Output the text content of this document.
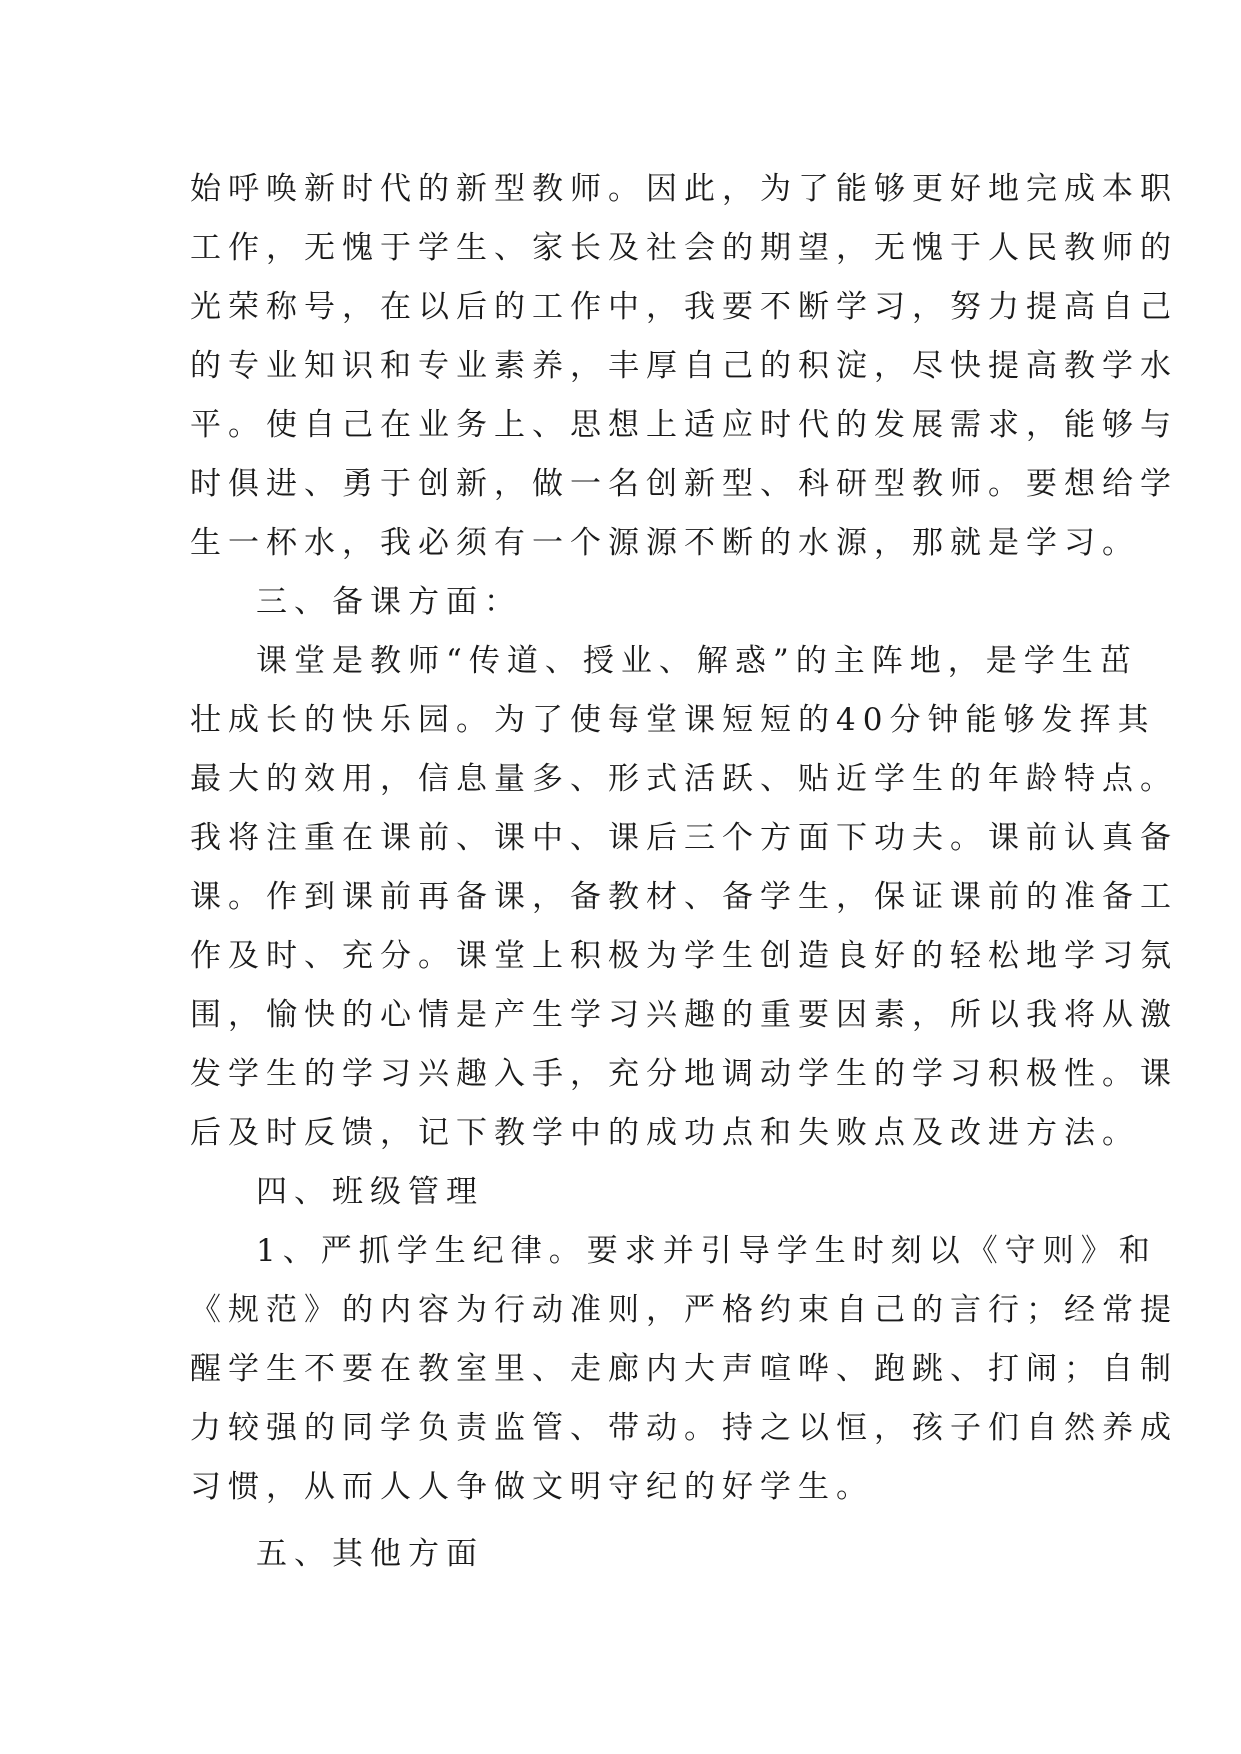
始呼唤新时代的新型教师。因此，为了能够更好地完成本职
工作，无愧于学生、家长及社会的期望，无愧于人民教师的
光荣称号，在以后的工作中，我要不断学习，努力提高自己
的专业知识和专业素养，丰厚自己的积淀，尽快提高教学水
平。使自己在业务上、思想上适应时代的发展需求，能够与
时俱进、勇于创新，做一名创新型、科研型教师。要想给学
生一杯水，我必须有一个源源不断的水源，那就是学习。
三、备课方面：
课堂是教师“传道、授业、解惑”的主阵地，是学生茁
壮成长的快乐园。为了使每堂课短短的40分钟能够发挥其
最大的效用，信息量多、形式活跃、贴近学生的年龄特点。
我将注重在课前、课中、课后三个方面下功夫。课前认真备
课。作到课前再备课，备教材、备学生，保证课前的准备工
作及时、充分。课堂上积极为学生创造良好的轻松地学习氛
围，愉快的心情是产生学习兴趣的重要因素，所以我将从激
发学生的学习兴趣入手，充分地调动学生的学习积极性。课
后及时反馈，记下教学中的成功点和失败点及改进方法。
四、班级管理
1、严抓学生纪律。要求并引导学生时刻以《守则》和
《规范》的内容为行动准则，严格约束自己的言行；经常提
醒学生不要在教室里、走廊内大声喧哗、跑跳、打闹；自制
力较强的同学负责监管、带动。持之以恒，孩子们自然养成
习惯，从而人人争做文明守纪的好学生。
五、其他方面
